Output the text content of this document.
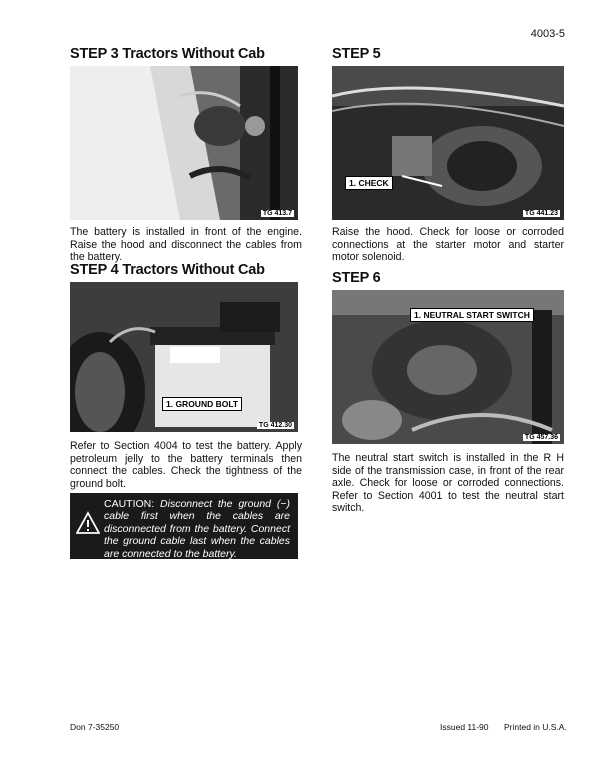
4003-5
STEP 3 Tractors Without Cab
TG 413.7

The battery is installed in front of the engine. Raise the hood and disconnect the cables from the battery.

STEP 4 Tractors Without Cab
1. GROUND BOLT
TG 412.30

Refer to Section 4004 to test the battery. Apply petroleum jelly to the battery terminals then connect the cables. Check the tightness of the ground bolt.

CAUTION: Disconnect the ground (−) cable first when the cables are disconnected from the battery. Connect the ground cable last when the cables are connected to the battery.
STEP 5
1. CHECK
TG 441.23

Raise the hood. Check for loose or corroded connections at the starter motor and starter motor solenoid.

STEP 6
1. NEUTRAL START SWITCH
TG 457.36

The neutral start switch is installed in the R H side of the transmission case, in front of the rear axle. Check for loose or corroded connections. Refer to Section 4001 to test the neutral start switch.

Don 7-35250	Issued 11-90 Printed in U.S.A.
